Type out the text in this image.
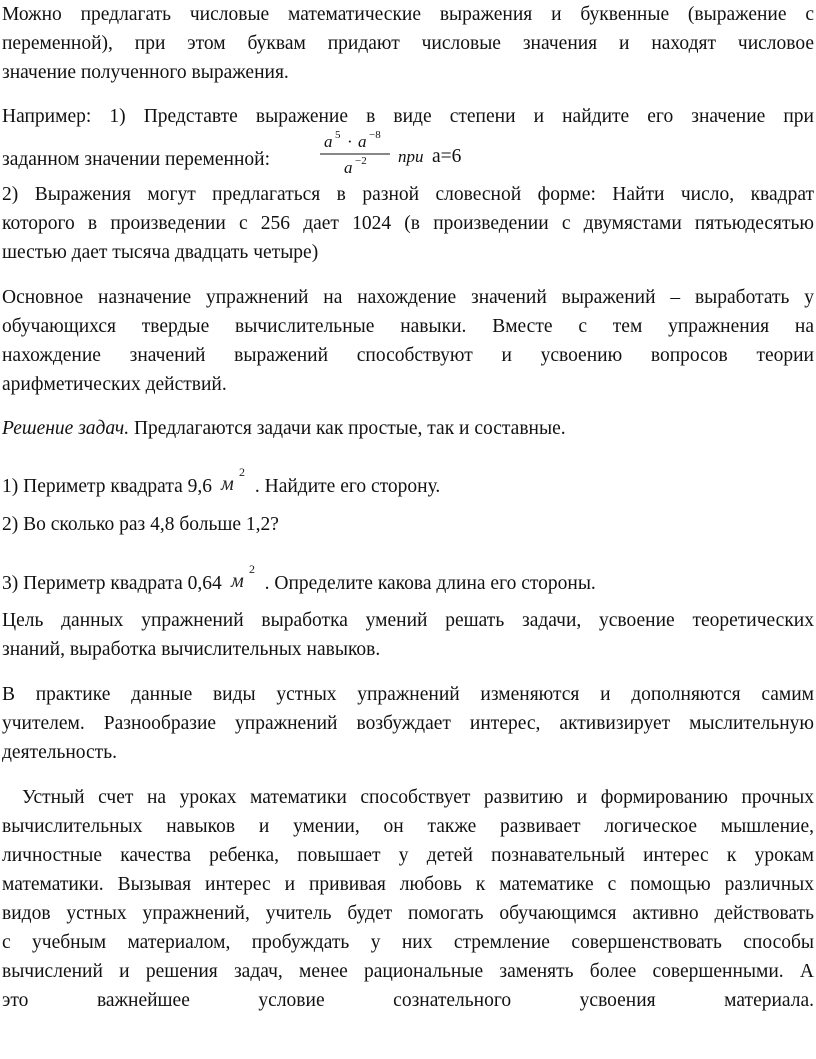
Можно предлагать числовые математические выражения и буквенные (выражение с
переменной), при этом буквам придают числовые значения и находят числовое
значение полученного выражения.
Например: 1) Представте выражение в виде степени и найдите его значение при
заданном значении переменной:
a 5 · a −8
a −2 при a=6
2) Выражения могут предлагаться в разной словесной форме: Найти число, квадрат
которого в произведении с 256 дает 1024 (в произведении с двумястами пятьюдесятью
шестью дает тысяча двадцать четыре)
Основное назначение упражнений на нахождение значений выражений – выработать у
обучающихся твердые вычислительные навыки. Вместе с тем упражнения на
нахождение значений выражений способствуют и усвоению вопросов теории
арифметических действий.
Решение задач. Предлагаются задачи как простые, так и составные.
1) Периметр квадрата 9,6 м
2
. Найдите его сторону.
2) Во сколько раз 4,8 больше 1,2?
3) Периметр квадрата 0,64 м
2
. Определите какова длина его стороны.
Цель данных упражнений выработка умений решать задачи, усвоение теоретических
знаний, выработка вычислительных навыков.
В практике данные виды устных упражнений изменяются и дополняются самим
учителем. Разнообразие упражнений возбуждает интерес, активизирует мыслительную
деятельность.
Устный счет на уроках математики способствует развитию и формированию прочных
вычислительных навыков и умении, он также развивает логическое мышление,
личностные качества ребенка, повышает у детей познавательный интерес к урокам
математики. Вызывая интерес и прививая любовь к математике с помощью различных
видов устных упражнений, учитель будет помогать обучающимся активно действовать
с учебным материалом, пробуждать у них стремление совершенствовать способы
вычислений и решения задач, менее рациональные заменять более совершенными. А
это важнейшее условие сознательного усвоения материала.
